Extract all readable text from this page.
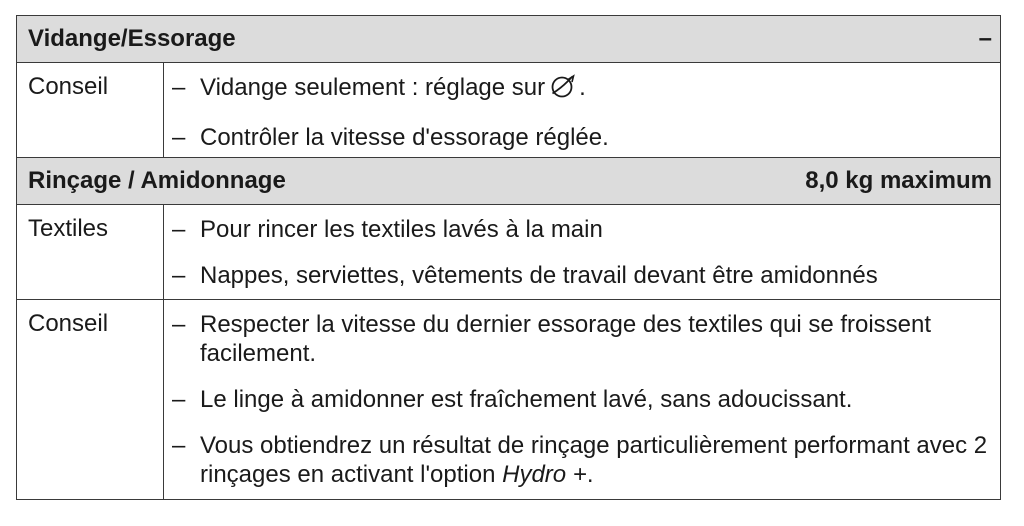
Vidange/Essorage	–
Conseil	– Vidange seulement : réglage sur .
– Contrôler la vitesse d'essorage réglée.
Rinçage / Amidonnage	8,0 kg maximum
Textiles	– Pour rincer les textiles lavés à la main
– Nappes, serviettes, vêtements de travail devant être amidonnés
Conseil	– Respecter la vitesse du dernier essorage des textiles qui se froissent facilement.
– Le linge à amidonner est fraîchement lavé, sans adoucissant.
– Vous obtiendrez un résultat de rinçage particulièrement performant avec 2 rinçages en activant l'option Hydro +.
